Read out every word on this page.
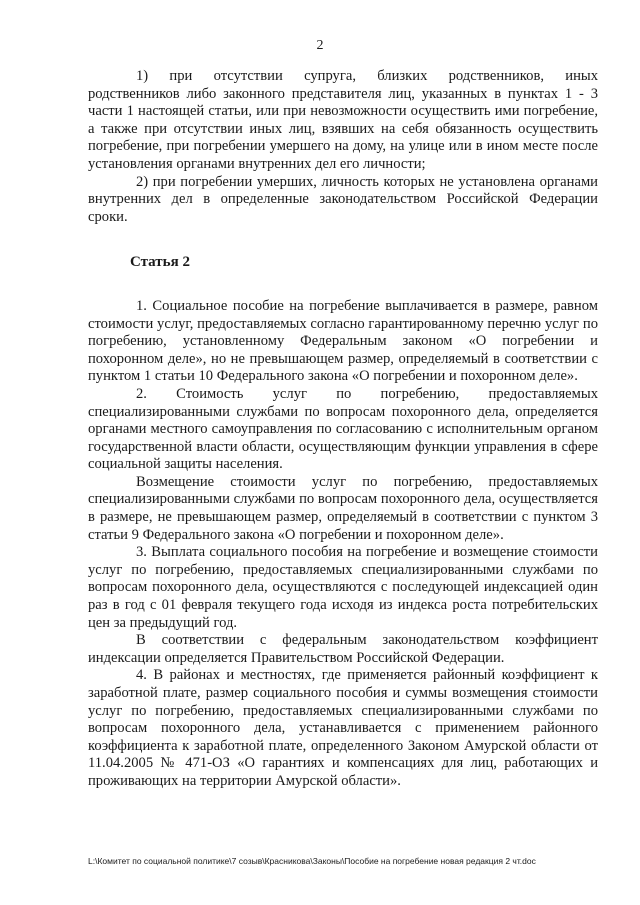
2

1)  при  отсутствии  супруга,  близких  родственников,  иных родственников либо законного представителя лиц, указанных в пунктах 1 - 3 части 1 настоящей статьи, или при невозможности осуществить ими погребение, а также при отсутствии иных лиц, взявших на себя обязанность осуществить погребение, при погребении умершего на дому, на улице или в ином месте после установления органами внутренних дел его личности;

2) при погребении умерших, личность которых не установлена органами внутренних дел в определенные законодательством Российской Федерации сроки.

Статья 2

1. Социальное пособие на погребение выплачивается в размере, равном стоимости услуг, предоставляемых согласно гарантированному перечню услуг по погребению, установленному Федеральным законом «О погребении и похоронном деле», но не превышающем размер, определяемый в соответствии с пунктом 1 статьи 10 Федерального закона «О погребении и похоронном деле».

2.   Стоимость   услуг   по   погребению,   предоставляемых специализированными службами по вопросам похоронного дела, определяется органами местного самоуправления по согласованию с исполнительным органом государственной власти области, осуществляющим функции управления в сфере социальной защиты населения.

Возмещение стоимости услуг по погребению, предоставляемых специализированными службами по вопросам похоронного дела, осуществляется в размере, не превышающем размер, определяемый в соответствии с пунктом 3 статьи 9 Федерального закона «О погребении и похоронном деле».

3. Выплата социального пособия на погребение и возмещение стоимости услуг по погребению, предоставляемых специализированными службами по вопросам похоронного дела, осуществляются с последующей индексацией один раз в год с 01 февраля текущего года исходя из индекса роста потребительских цен за предыдущий год.

В соответствии с федеральным законодательством коэффициент индексации определяется Правительством Российской Федерации.

4. В районах и местностях, где применяется районный коэффициент к заработной плате, размер социального пособия и суммы возмещения стоимости услуг по погребению, предоставляемых специализированными службами по вопросам похоронного дела, устанавливается с применением районного коэффициента к заработной плате, определенного Законом Амурской области от 11.04.2005 № 471-ОЗ «О гарантиях и компенсациях для лиц, работающих и проживающих на территории Амурской области».

L:\Комитет по социальной политике\7 созыв\Красникова\Законы\Пособие на погребение новая редакция 2 чт.doc
